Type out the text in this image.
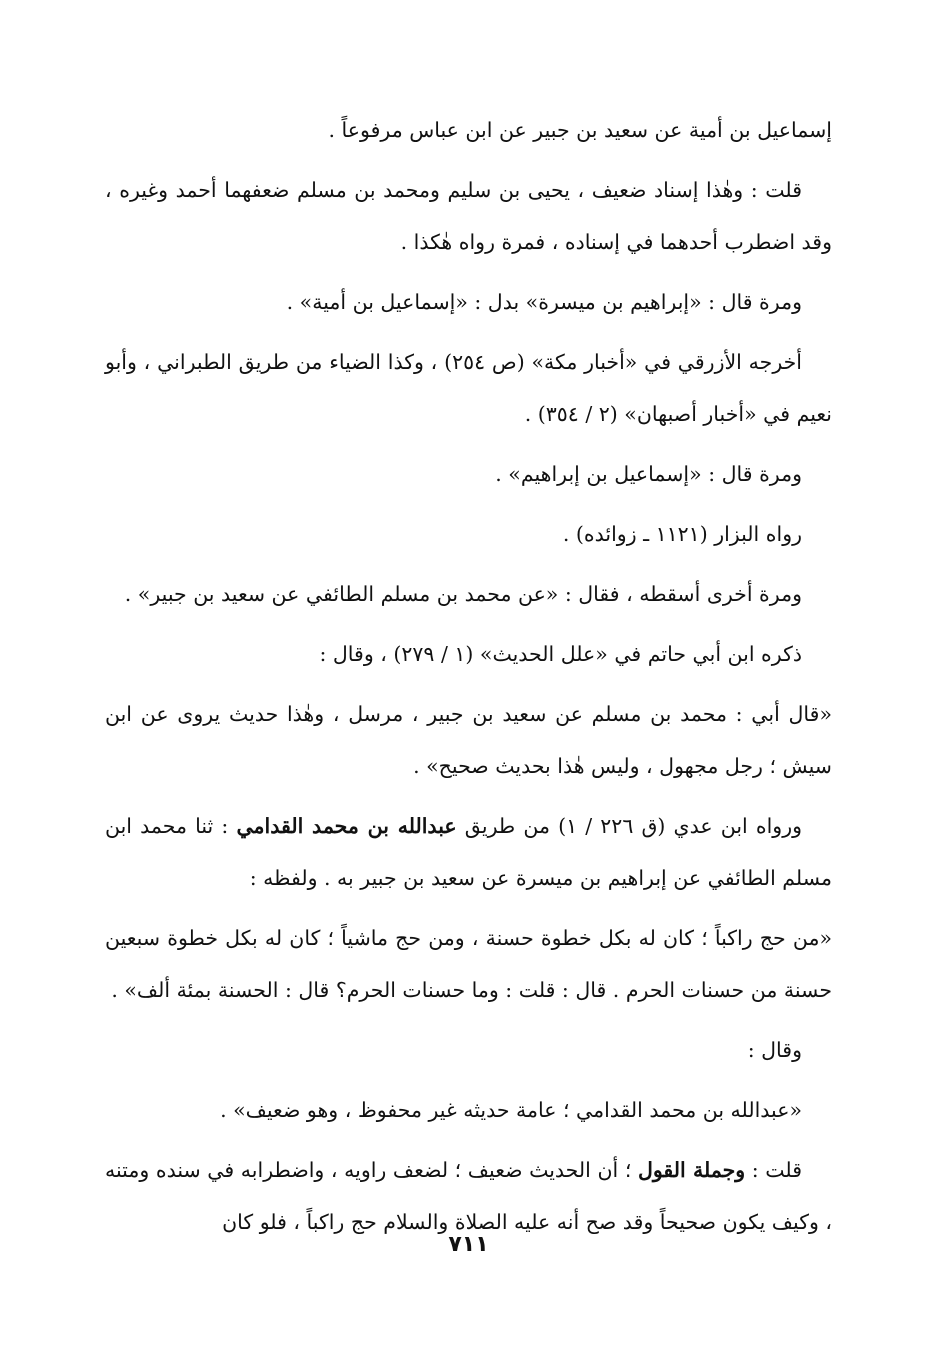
إسماعيل بن أمية عن سعيد بن جبير عن ابن عباس مرفوعاً .

قلت : وهٰذا إسناد ضعيف ، يحيى بن سليم ومحمد بن مسلم ضعفهما أحمد وغيره ، وقد اضطرب أحدهما في إسناده ، فمرة رواه هٰكذا .

ومرة قال : «إبراهيم بن ميسرة» بدل : «إسماعيل بن أمية» .

أخرجه الأزرقي في «أخبار مكة» (ص ٢٥٤) ، وكذا الضياء من طريق الطبراني ، وأبو نعيم في «أخبار أصبهان» (٢ / ٣٥٤) .

ومرة قال : «إسماعيل بن إبراهيم» .

رواه البزار (١١٢١ ـ زوائده) .

ومرة أخرى أسقطه ، فقال : «عن محمد بن مسلم الطائفي عن سعيد بن جبير» .

ذكره ابن أبي حاتم في «علل الحديث» (١ / ٢٧٩) ، وقال :

«قال أبي : محمد بن مسلم عن سعيد بن جبير ، مرسل ، وهٰذا حديث يروى عن ابن سيش ؛ رجل مجهول ، وليس هٰذا بحديث صحيح» .

ورواه ابن عدي (ق ٢٢٦ / ١) من طريق عبدالله بن محمد القدامي : ثنا محمد ابن مسلم الطائفي عن إبراهيم بن ميسرة عن سعيد بن جبير به . ولفظه :

«من حج راكباً ؛ كان له بكل خطوة حسنة ، ومن حج ماشياً ؛ كان له بكل خطوة سبعين حسنة من حسنات الحرم . قال : قلت : وما حسنات الحرم؟ قال : الحسنة بمئة ألف» .

وقال :

«عبدالله بن محمد القدامي ؛ عامة حديثه غير محفوظ ، وهو ضعيف» .

قلت : وجملة القول ؛ أن الحديث ضعيف ؛ لضعف راويه ، واضطرابه في سنده ومتنه ، وكيف يكون صحيحاً وقد صح أنه عليه الصلاة والسلام حج راكباً ، فلو كان

٧١١
